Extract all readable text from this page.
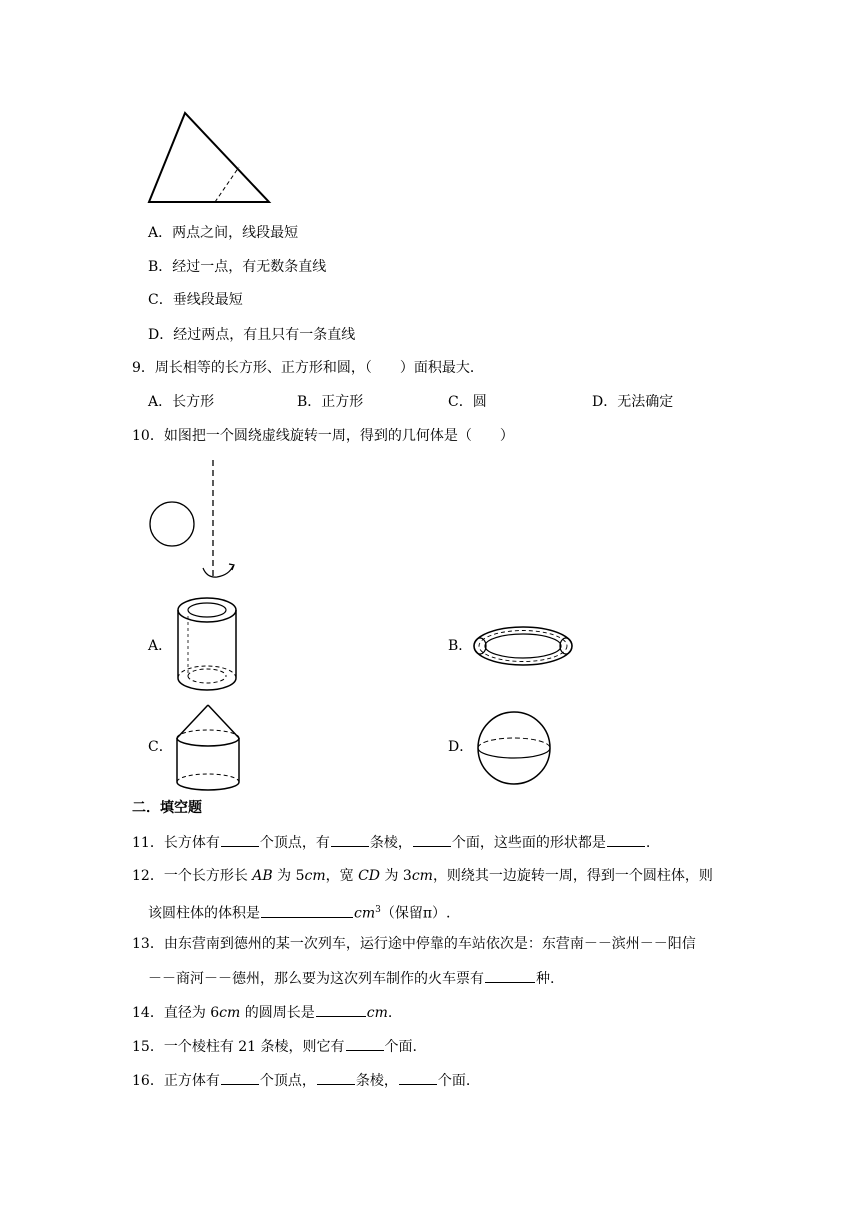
A．两点之间，线段最短
B．经过一点，有无数条直线
C．垂线段最短
D．经过两点，有且只有一条直线
9．周长相等的长方形、正方形和圆，（　　）面积最大．
A．长方形	B．正方形	C．圆	D．无法确定
10．如图把一个圆绕虚线旋转一周，得到的几何体是（　　）
A．	B．
C．	D．
二．填空题
11．长方体有	个顶点，有	条棱，	个面，这些面的形状都是	.
12．一个长方形长 AB 为 5cm，宽 CD 为 3cm，则绕其一边旋转一周，得到一个圆柱体，则
该圆柱体的体积是	$cm^3$（保留π）.
13．由东营南到德州的某一次列车，运行途中停靠的车站依次是：东营南－－滨州－－阳信
－－商河－－德州，那么要为这次列车制作的火车票有	种.
14．直径为 6cm 的圆周长是	cm.
15．一个棱柱有 21 条棱，则它有	个面.
16．正方体有	个顶点，	条棱，	个面.
